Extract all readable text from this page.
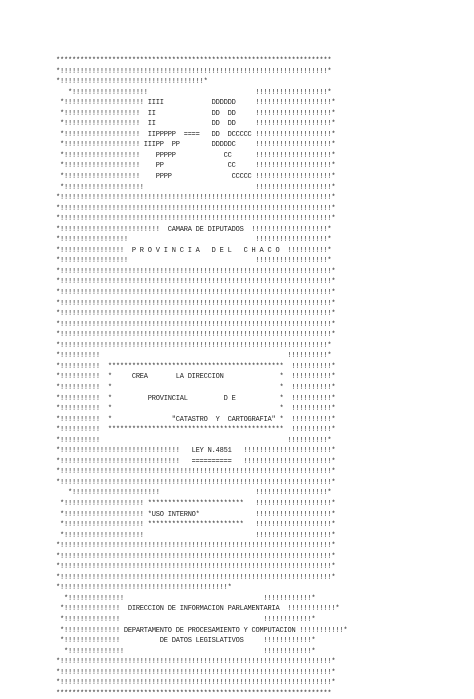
*********************************************************************
*!!!!!!!!!!!!!!!!!!!!!!!!!!!!!!!!!!!!!!!!!!!!!!!!!!!!!!!!!!!!!!!!!!!*
*!!!!!!!!!!!!!!!!!!!!!!!!!!!!!!!!!!!!*
*!!!!!!!!!!!!!!!!!!!                           !!!!!!!!!!!!!!!!!!*
*!!!!!!!!!!!!!!!!!!!! IIII            DDDDDD     !!!!!!!!!!!!!!!!!!!*
*!!!!!!!!!!!!!!!!!!!  II              DD  DD     !!!!!!!!!!!!!!!!!!!*
*!!!!!!!!!!!!!!!!!!!  II              DD  DD     !!!!!!!!!!!!!!!!!!!*
*!!!!!!!!!!!!!!!!!!!  IIPPPPP  ====   DD  DCCCCC !!!!!!!!!!!!!!!!!!!*
*!!!!!!!!!!!!!!!!!!! IIIPP  PP        DDDDDC     !!!!!!!!!!!!!!!!!!!*
*!!!!!!!!!!!!!!!!!!!    PPPPP            CC      !!!!!!!!!!!!!!!!!!!*
*!!!!!!!!!!!!!!!!!!!    PP                CC     !!!!!!!!!!!!!!!!!!!*
*!!!!!!!!!!!!!!!!!!!    PPPP               CCCCC !!!!!!!!!!!!!!!!!!!*
*!!!!!!!!!!!!!!!!!!!!                            !!!!!!!!!!!!!!!!!!!*
*!!!!!!!!!!!!!!!!!!!!!!!!!!!!!!!!!!!!!!!!!!!!!!!!!!!!!!!!!!!!!!!!!!!!*
*!!!!!!!!!!!!!!!!!!!!!!!!!!!!!!!!!!!!!!!!!!!!!!!!!!!!!!!!!!!!!!!!!!!!*
*!!!!!!!!!!!!!!!!!!!!!!!!!!!!!!!!!!!!!!!!!!!!!!!!!!!!!!!!!!!!!!!!!!!!*
*!!!!!!!!!!!!!!!!!!!!!!!!!  CAMARA DE DIPUTADOS  !!!!!!!!!!!!!!!!!!!*
*!!!!!!!!!!!!!!!!!                                !!!!!!!!!!!!!!!!!!*
*!!!!!!!!!!!!!!!!  P R O V I N C I A   D E L   C H A C O  !!!!!!!!!!*
*!!!!!!!!!!!!!!!!!                                !!!!!!!!!!!!!!!!!!*
*!!!!!!!!!!!!!!!!!!!!!!!!!!!!!!!!!!!!!!!!!!!!!!!!!!!!!!!!!!!!!!!!!!!!*
*!!!!!!!!!!!!!!!!!!!!!!!!!!!!!!!!!!!!!!!!!!!!!!!!!!!!!!!!!!!!!!!!!!!!*
*!!!!!!!!!!!!!!!!!!!!!!!!!!!!!!!!!!!!!!!!!!!!!!!!!!!!!!!!!!!!!!!!!!!!*
*!!!!!!!!!!!!!!!!!!!!!!!!!!!!!!!!!!!!!!!!!!!!!!!!!!!!!!!!!!!!!!!!!!!!*
*!!!!!!!!!!!!!!!!!!!!!!!!!!!!!!!!!!!!!!!!!!!!!!!!!!!!!!!!!!!!!!!!!!!!*
*!!!!!!!!!!!!!!!!!!!!!!!!!!!!!!!!!!!!!!!!!!!!!!!!!!!!!!!!!!!!!!!!!!!!*
*!!!!!!!!!!!!!!!!!!!!!!!!!!!!!!!!!!!!!!!!!!!!!!!!!!!!!!!!!!!!!!!!!!!!*
*!!!!!!!!!!!!!!!!!!!!!!!!!!!!!!!!!!!!!!!!!!!!!!!!!!!!!!!!!!!!!!!!!!!*
*!!!!!!!!!!                                               !!!!!!!!!!*
*!!!!!!!!!!  ********************************************  !!!!!!!!!!*
*!!!!!!!!!!  *     CREA       LA DIRECCION              *  !!!!!!!!!!*
*!!!!!!!!!!  *                                          *  !!!!!!!!!!*
*!!!!!!!!!!  *         PROVINCIAL         D E           *  !!!!!!!!!!*
*!!!!!!!!!!  *                                          *  !!!!!!!!!!*
*!!!!!!!!!!  *               "CATASTRO  Y  CARTOGRAFIA" *  !!!!!!!!!!*
*!!!!!!!!!!  ********************************************  !!!!!!!!!!*
*!!!!!!!!!!                                               !!!!!!!!!!*
*!!!!!!!!!!!!!!!!!!!!!!!!!!!!!!   LEY N.4851   !!!!!!!!!!!!!!!!!!!!!!*
*!!!!!!!!!!!!!!!!!!!!!!!!!!!!!!   ==========   !!!!!!!!!!!!!!!!!!!!!!*
*!!!!!!!!!!!!!!!!!!!!!!!!!!!!!!!!!!!!!!!!!!!!!!!!!!!!!!!!!!!!!!!!!!!!*
*!!!!!!!!!!!!!!!!!!!!!!!!!!!!!!!!!!!!!!!!!!!!!!!!!!!!!!!!!!!!!!!!!!!!*
*!!!!!!!!!!!!!!!!!!!!!!                        !!!!!!!!!!!!!!!!!!*
*!!!!!!!!!!!!!!!!!!!! ************************   !!!!!!!!!!!!!!!!!!!*
*!!!!!!!!!!!!!!!!!!!! *USO INTERNO*              !!!!!!!!!!!!!!!!!!!*
*!!!!!!!!!!!!!!!!!!!! ************************   !!!!!!!!!!!!!!!!!!!*
*!!!!!!!!!!!!!!!!!!!!                            !!!!!!!!!!!!!!!!!!!*
*!!!!!!!!!!!!!!!!!!!!!!!!!!!!!!!!!!!!!!!!!!!!!!!!!!!!!!!!!!!!!!!!!!!!*
*!!!!!!!!!!!!!!!!!!!!!!!!!!!!!!!!!!!!!!!!!!!!!!!!!!!!!!!!!!!!!!!!!!!!*
*!!!!!!!!!!!!!!!!!!!!!!!!!!!!!!!!!!!!!!!!!!!!!!!!!!!!!!!!!!!!!!!!!!!!*
*!!!!!!!!!!!!!!!!!!!!!!!!!!!!!!!!!!!!!!!!!!!!!!!!!!!!!!!!!!!!!!!!!!!!*
*!!!!!!!!!!!!!!!!!!!!!!!!!!!!!!!!!!!!!!!!!!*
*!!!!!!!!!!!!!!                                   !!!!!!!!!!!!*
*!!!!!!!!!!!!!!  DIRECCION DE INFORMACION PARLAMENTARIA  !!!!!!!!!!!!*
*!!!!!!!!!!!!!!                                    !!!!!!!!!!!!*
*!!!!!!!!!!!!!! DEPARTAMENTO DE PROCESAMIENTO Y COMPUTACION !!!!!!!!!!!*
*!!!!!!!!!!!!!!          DE DATOS LEGISLATIVOS     !!!!!!!!!!!!*
*!!!!!!!!!!!!!!                                   !!!!!!!!!!!!*
*!!!!!!!!!!!!!!!!!!!!!!!!!!!!!!!!!!!!!!!!!!!!!!!!!!!!!!!!!!!!!!!!!!!!*
*!!!!!!!!!!!!!!!!!!!!!!!!!!!!!!!!!!!!!!!!!!!!!!!!!!!!!!!!!!!!!!!!!!!!*
*!!!!!!!!!!!!!!!!!!!!!!!!!!!!!!!!!!!!!!!!!!!!!!!!!!!!!!!!!!!!!!!!!!!!*
*********************************************************************
